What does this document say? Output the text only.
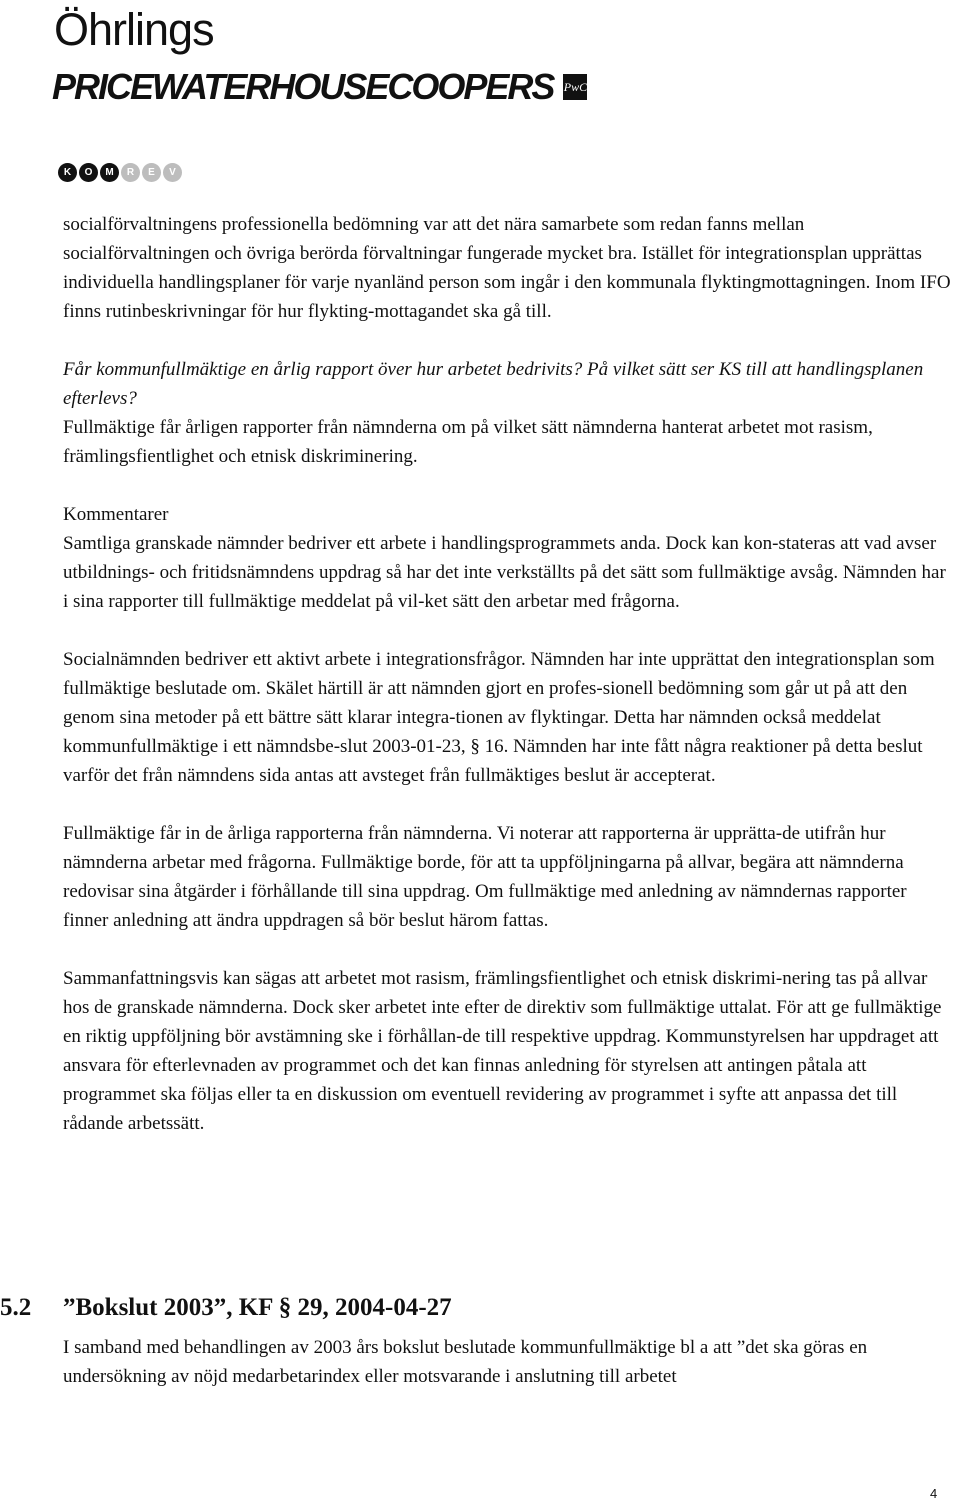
Öhrlings
PRICEWATERHOUSECOOPERS PwC
K	O	M	R	E	V

socialförvaltningens professionella bedömning var att det nära samarbete som redan fanns mellan socialförvaltningen och övriga berörda förvaltningar fungerade mycket bra. Istället för integrationsplan upprättas individuella handlingsplaner för varje nyanländ person som ingår i den kommunala flyktingmottagningen. Inom IFO finns rutinbeskrivningar för hur flykting-mottagandet ska gå till.

Får kommunfullmäktige en årlig rapport över hur arbetet bedrivits? På vilket sätt ser KS till att handlingsplanen efterlevs?

Fullmäktige får årligen rapporter från nämnderna om på vilket sätt nämnderna hanterat arbetet mot rasism, främlingsfientlighet och etnisk diskriminering.

Kommentarer

Samtliga granskade nämnder bedriver ett arbete i handlingsprogrammets anda. Dock kan kon-stateras att vad avser utbildnings- och fritidsnämndens uppdrag så har det inte verkställts på det sätt som fullmäktige avsåg. Nämnden har i sina rapporter till fullmäktige meddelat på vil-ket sätt den arbetar med frågorna.

Socialnämnden bedriver ett aktivt arbete i integrationsfrågor. Nämnden har inte upprättat den integrationsplan som fullmäktige beslutade om. Skälet härtill är att nämnden gjort en profes-sionell bedömning som går ut på att den genom sina metoder på ett bättre sätt klarar integra-tionen av flyktingar. Detta har nämnden också meddelat kommunfullmäktige i ett nämndsbe-slut 2003-01-23, § 16. Nämnden har inte fått några reaktioner på detta beslut varför det från nämndens sida antas att avsteget från fullmäktiges beslut är accepterat.

Fullmäktige får in de årliga rapporterna från nämnderna. Vi noterar att rapporterna är upprätta-de utifrån hur nämnderna arbetar med frågorna. Fullmäktige borde, för att ta uppföljningarna på allvar, begära att nämnderna redovisar sina åtgärder i förhållande till sina uppdrag. Om fullmäktige med anledning av nämndernas rapporter finner anledning att ändra uppdragen så bör beslut härom fattas.

Sammanfattningsvis kan sägas att arbetet mot rasism, främlingsfientlighet och etnisk diskrimi-nering tas på allvar hos de granskade nämnderna. Dock sker arbetet inte efter de direktiv som fullmäktige uttalat. För att ge fullmäktige en riktig uppföljning bör avstämning ske i förhållan-de till respektive uppdrag. Kommunstyrelsen har uppdraget att ansvara för efterlevnaden av programmet och det kan finnas anledning för styrelsen att antingen påtala att programmet ska följas eller ta en diskussion om eventuell revidering av programmet i syfte att anpassa det till rådande arbetssätt.

5.2 ”Bokslut 2003”, KF § 29, 2004-04-27

I samband med behandlingen av 2003 års bokslut beslutade kommunfullmäktige bl a att ”det ska göras en undersökning av nöjd medarbetarindex eller motsvarande i anslutning till arbetet

4
